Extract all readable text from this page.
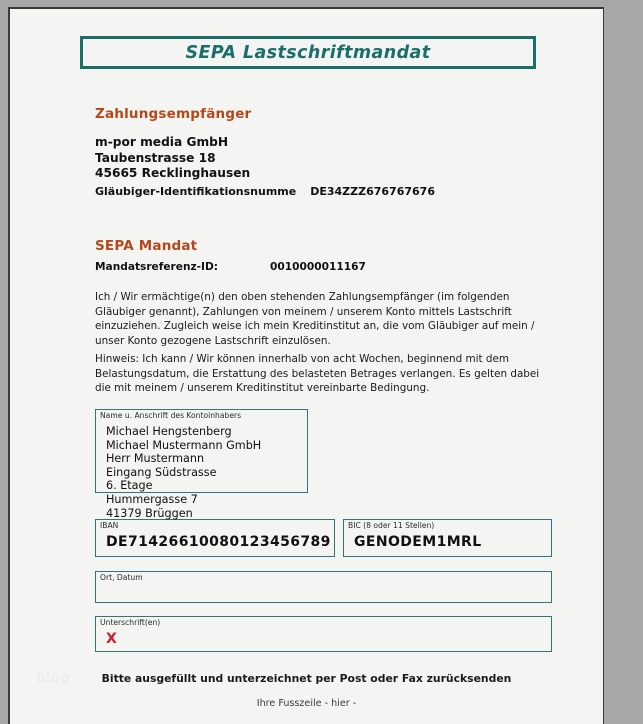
SEPA Lastschriftmandat
Zahlungsempfänger
m-por media GmbH
Taubenstrasse 18
45665 Recklinghausen
Gläubiger-Identifikationsnumme DE34ZZZ676767676
SEPA Mandat
Mandatsreferenz-ID:	0010000011167
Ich / Wir ermächtige(n) den oben stehenden Zahlungsempfänger (im folgenden Gläubiger genannt), Zahlungen von meinem / unserem Konto mittels Lastschrift einzuziehen. Zugleich weise ich mein Kreditinstitut an, die vom Gläubiger auf mein / unser Konto gezogene Lastschrift einzulösen.
Hinweis: Ich kann / Wir können innerhalb von acht Wochen, beginnend mit dem Belastungsdatum, die Erstattung des belasteten Betrages verlangen. Es gelten dabei die mit meinem / unserem Kreditinstitut vereinbarte Bedingung.
Name u. Anschrift des Kontoinhabers
Michael Hengstenberg
Michael Mustermann GmbH
Herr Mustermann
Eingang Südstrasse
6. Etage
Hummergasse 7
41379 Brüggen
IBAN
DE71426610080123456789
BIC (8 oder 11 Stellen)
GENODEM1MRL
Ort, Datum
Unterschrift(en)
X
Bitte ausgefüllt und unterzeichnet per Post oder Fax zurücksenden
Ihre Fusszeile - hier -
blog
